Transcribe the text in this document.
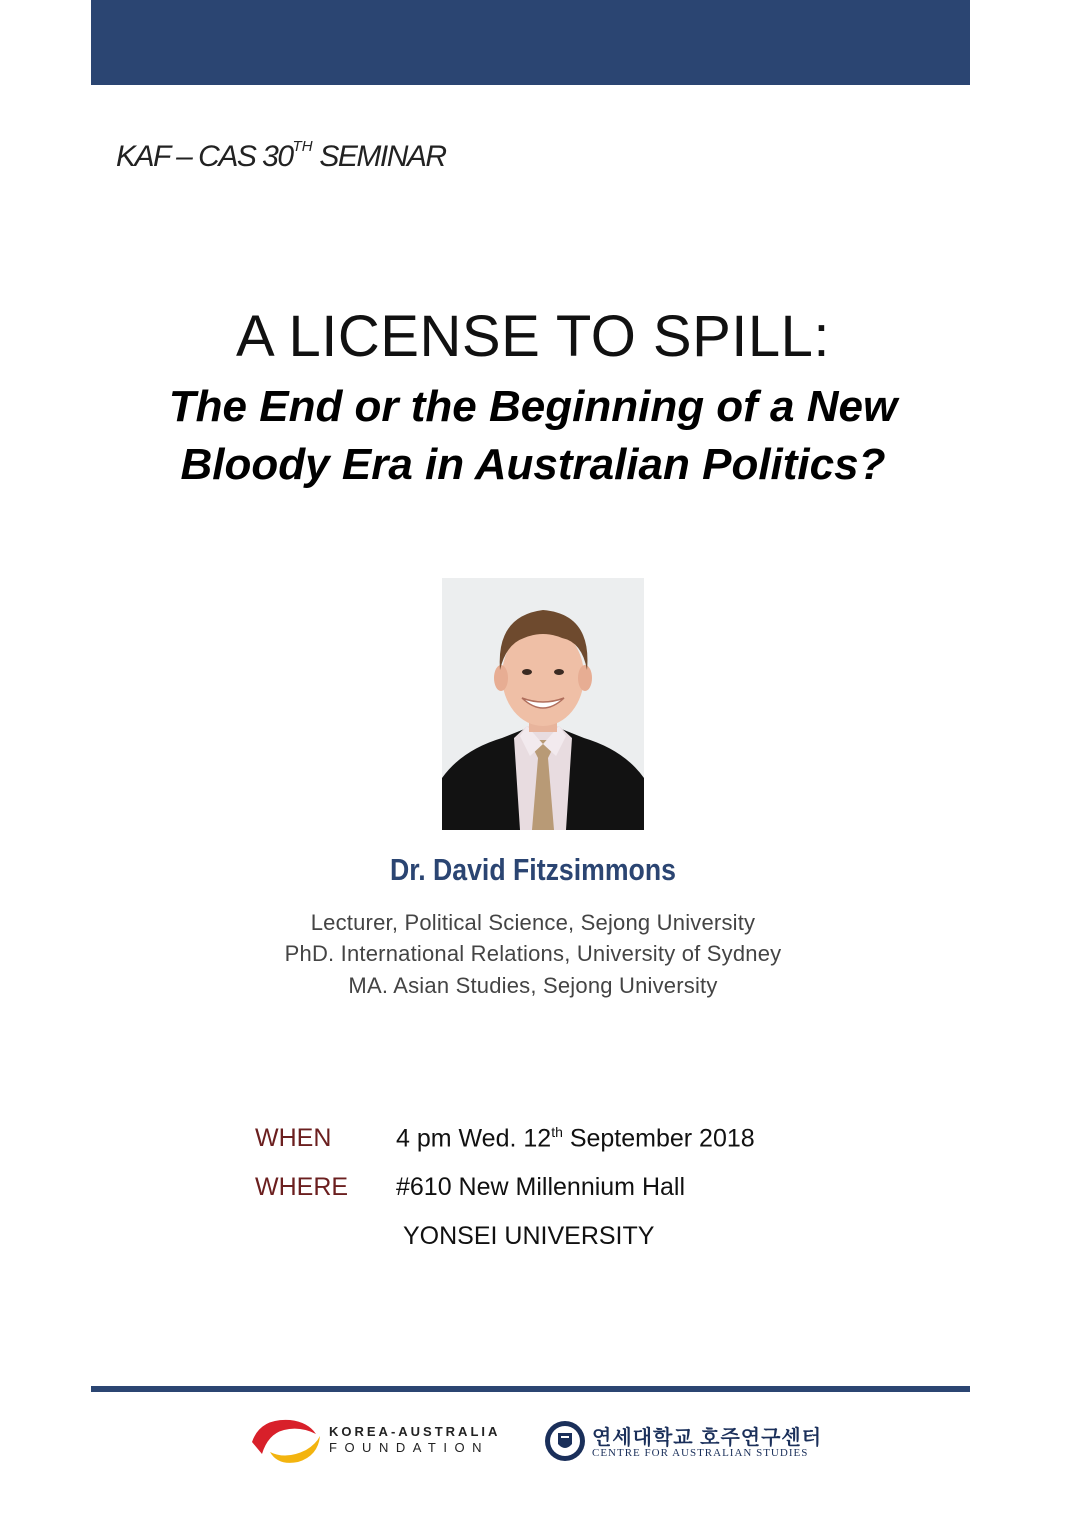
KAF – CAS 30TH SEMINAR
A LICENSE TO SPILL:
The End or the Beginning of a New
Bloody Era in Australian Politics?
Dr. David Fitzsimmons
Lecturer, Political Science, Sejong University
PhD. International Relations, University of Sydney
MA. Asian Studies, Sejong University
WHEN	4 pm Wed. 12th September 2018
WHERE #610 New Millennium Hall
YONSEI UNIVERSITY
KOREA-AUSTRALIA
FOUNDATION	연세대학교 호주연구센터
CENTRE FOR AUSTRALIAN STUDIES
